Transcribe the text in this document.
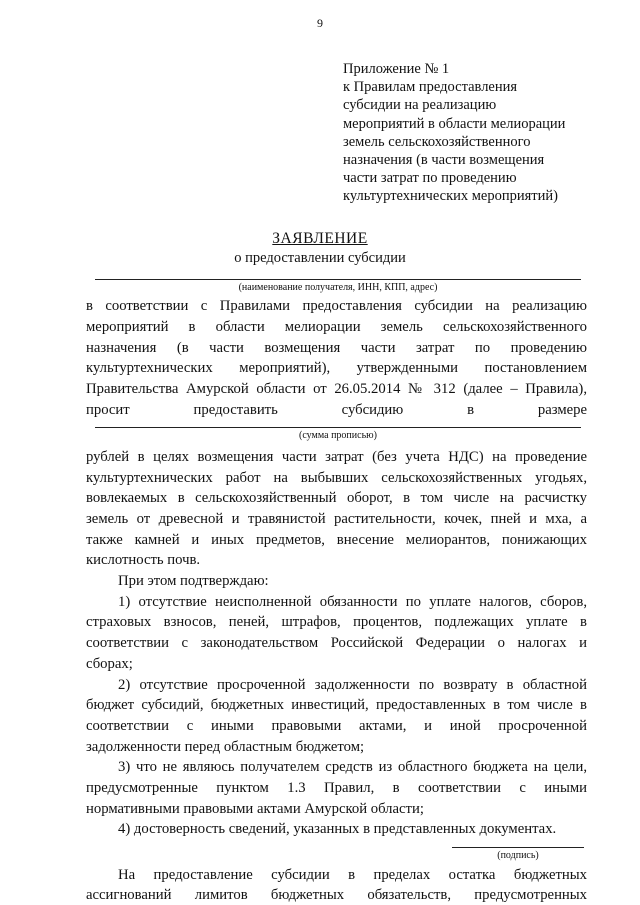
9
Приложение № 1
к Правилам предоставления
субсидии на реализацию
мероприятий в области мелиорации
земель сельскохозяйственного
назначения (в части возмещения
части затрат по проведению
культуртехнических мероприятий)
ЗАЯВЛЕНИЕ
о предоставлении субсидии
(наименование получателя, ИНН, КПП, адрес)
в соответствии с Правилами предоставления субсидии на реализацию
мероприятий в области мелиорации земель сельскохозяйственного
назначения (в части возмещения части затрат по проведению
культуртехнических мероприятий), утвержденными постановлением
Правительства Амурской области от 26.05.2014 № 312 (далее – Правила),
просит предоставить субсидию в размере
(сумма прописью)
рублей в целях возмещения части затрат (без учета НДС) на проведение
культуртехнических работ на выбывших сельскохозяйственных угодьях,
вовлекаемых в сельскохозяйственный оборот, в том числе на расчистку
земель от древесной и травянистой растительности, кочек, пней и мха, а
также камней и иных предметов, внесение мелиорантов, понижающих
кислотность почв.
При этом подтверждаю:
1) отсутствие неисполненной обязанности по уплате налогов, сборов,
страховых взносов, пеней, штрафов, процентов, подлежащих уплате в
соответствии с законодательством Российской Федерации о налогах и
сборах;
2) отсутствие просроченной задолженности по возврату в областной
бюджет субсидий, бюджетных инвестиций, предоставленных в том числе в
соответствии с иными правовыми актами, и иной просроченной
задолженности перед областным бюджетом;
3) что не являюсь получателем средств из областного бюджета на цели,
предусмотренные пунктом 1.3 Правил, в соответствии с иными
нормативными правовыми актами Амурской области;
4) достоверность сведений, указанных в представленных документах.
(подпись)
На предоставление субсидии в пределах остатка бюджетных
ассигнований лимитов бюджетных обязательств, предусмотренных
